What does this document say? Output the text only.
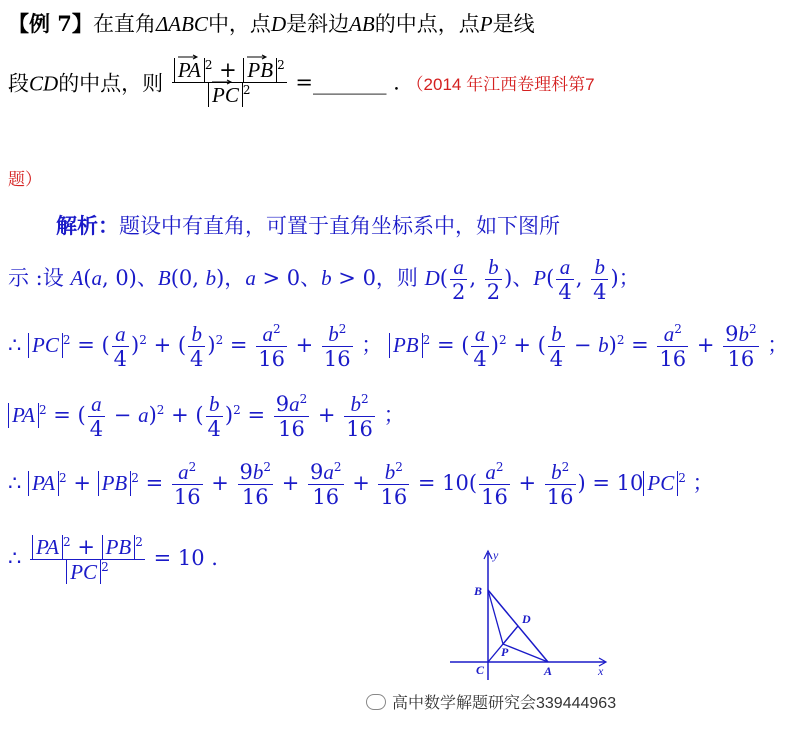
【例 7】在直角ΔABC中，点D是斜边AB的中点，点P是线
段CD的中点，则 $\frac{PA ^2 + PB ^2}{PC ^2}$ =_______ . （2014 年江西卷理科第7
题）
解析：题设中有直角，可置于直角坐标系中，如下图所
示 :设 A(a, 0)、B(0, b)，a > 0、b > 0，则 $D( \frac{a}{2}$ , $\frac{b}{2}$ )、$P( \frac{a}{4}$ , $\frac{b}{4}$ )；
∴ PC $^2$ = ( $\frac{a}{4} )^2$ + ( $\frac{b}{4} )^2 = \frac{a^2}{16} + \frac{b^2}{16}$ ； PB $^2$ = ( $\frac{a}{4} )^2$ + ( $\frac{b}{4} - b)^2 = \frac{a^2}{16} + \frac{9b^2}{16}$ ；
PA $^2$ = ( $\frac{a}{4} - a)^2$ + ( $\frac{b}{4} )^2 = \frac{9a^2}{16} + \frac{b^2}{16}$ ；
∴ PA $^2$ + PB $^2 = \frac{a^2}{16} + \frac{9b^2}{16} + \frac{9a^2}{16} + \frac{b^2}{16} = 10( \frac{a^2}{16} + \frac{b^2}{16}$ ) = 10 PC $^2$ ；
∴ $\frac{PA ^2 + PB ^2}{PC ^2} = 10$ .	y
x
B
D
P
C	A
高中数学解题研究会339444963
